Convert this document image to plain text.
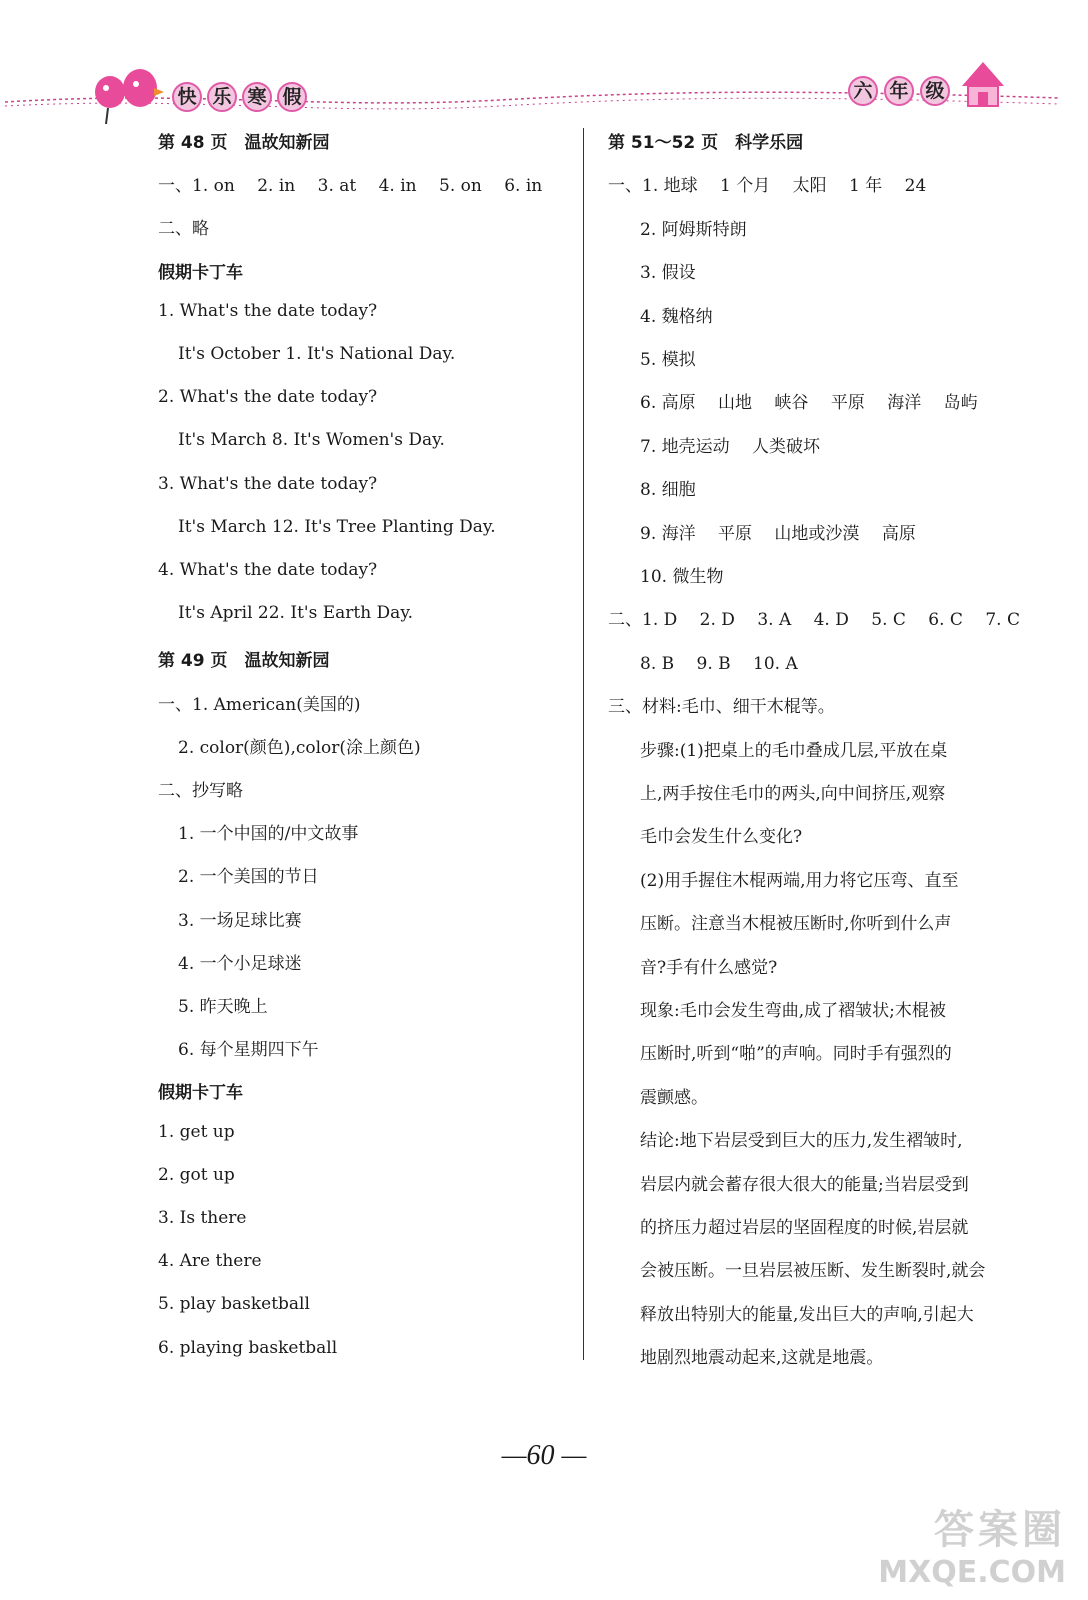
快 乐 寒 假	六 年 级
第 48 页　温故知新园
一、1. on　 2. in　 3. at　 4. in　 5. on　 6. in
二、略
假期卡丁车
1. What's the date today?
It's October 1. It's National Day.
2. What's the date today?
It's March 8. It's Women's Day.
3. What's the date today?
It's March 12. It's Tree Planting Day.
4. What's the date today?
It's April 22. It's Earth Day.
第 49 页　温故知新园
一、1. American(美国的)
2. color(颜色),color(涂上颜色)
二、抄写略
1. 一个中国的/中文故事
2. 一个美国的节日
3. 一场足球比赛
4. 一个小足球迷
5. 昨天晚上
6. 每个星期四下午
假期卡丁车
1. get up
2. got up
3. Is there
4. Are there
5. play basketball
6. playing basketball
第 51～52 页　科学乐园
一、1. 地球　 1 个月　 太阳　 1 年　 24
2. 阿姆斯特朗
3. 假设
4. 魏格纳
5. 模拟
6. 高原　 山地　 峡谷　 平原　 海洋　 岛屿
7. 地壳运动　 人类破坏
8. 细胞
9. 海洋　 平原　 山地或沙漠　 高原
10. 微生物
二、1. D　 2. D　 3. A　 4. D　 5. C　 6. C　 7. C
8. B　 9. B　 10. A
三、材料:毛巾、细干木棍等。
步骤:(1)把桌上的毛巾叠成几层,平放在桌
上,两手按住毛巾的两头,向中间挤压,观察
毛巾会发生什么变化?
(2)用手握住木棍两端,用力将它压弯、直至
压断。注意当木棍被压断时,你听到什么声
音?手有什么感觉?
现象:毛巾会发生弯曲,成了褶皱状;木棍被
压断时,听到“啪”的声响。同时手有强烈的
震颤感。
结论:地下岩层受到巨大的压力,发生褶皱时,
岩层内就会蓄存很大很大的能量;当岩层受到
的挤压力超过岩层的坚固程度的时候,岩层就
会被压断。一旦岩层被压断、发生断裂时,就会
释放出特别大的能量,发出巨大的声响,引起大
地剧烈地震动起来,这就是地震。
—60 —
答案圈
MXQE.COM
